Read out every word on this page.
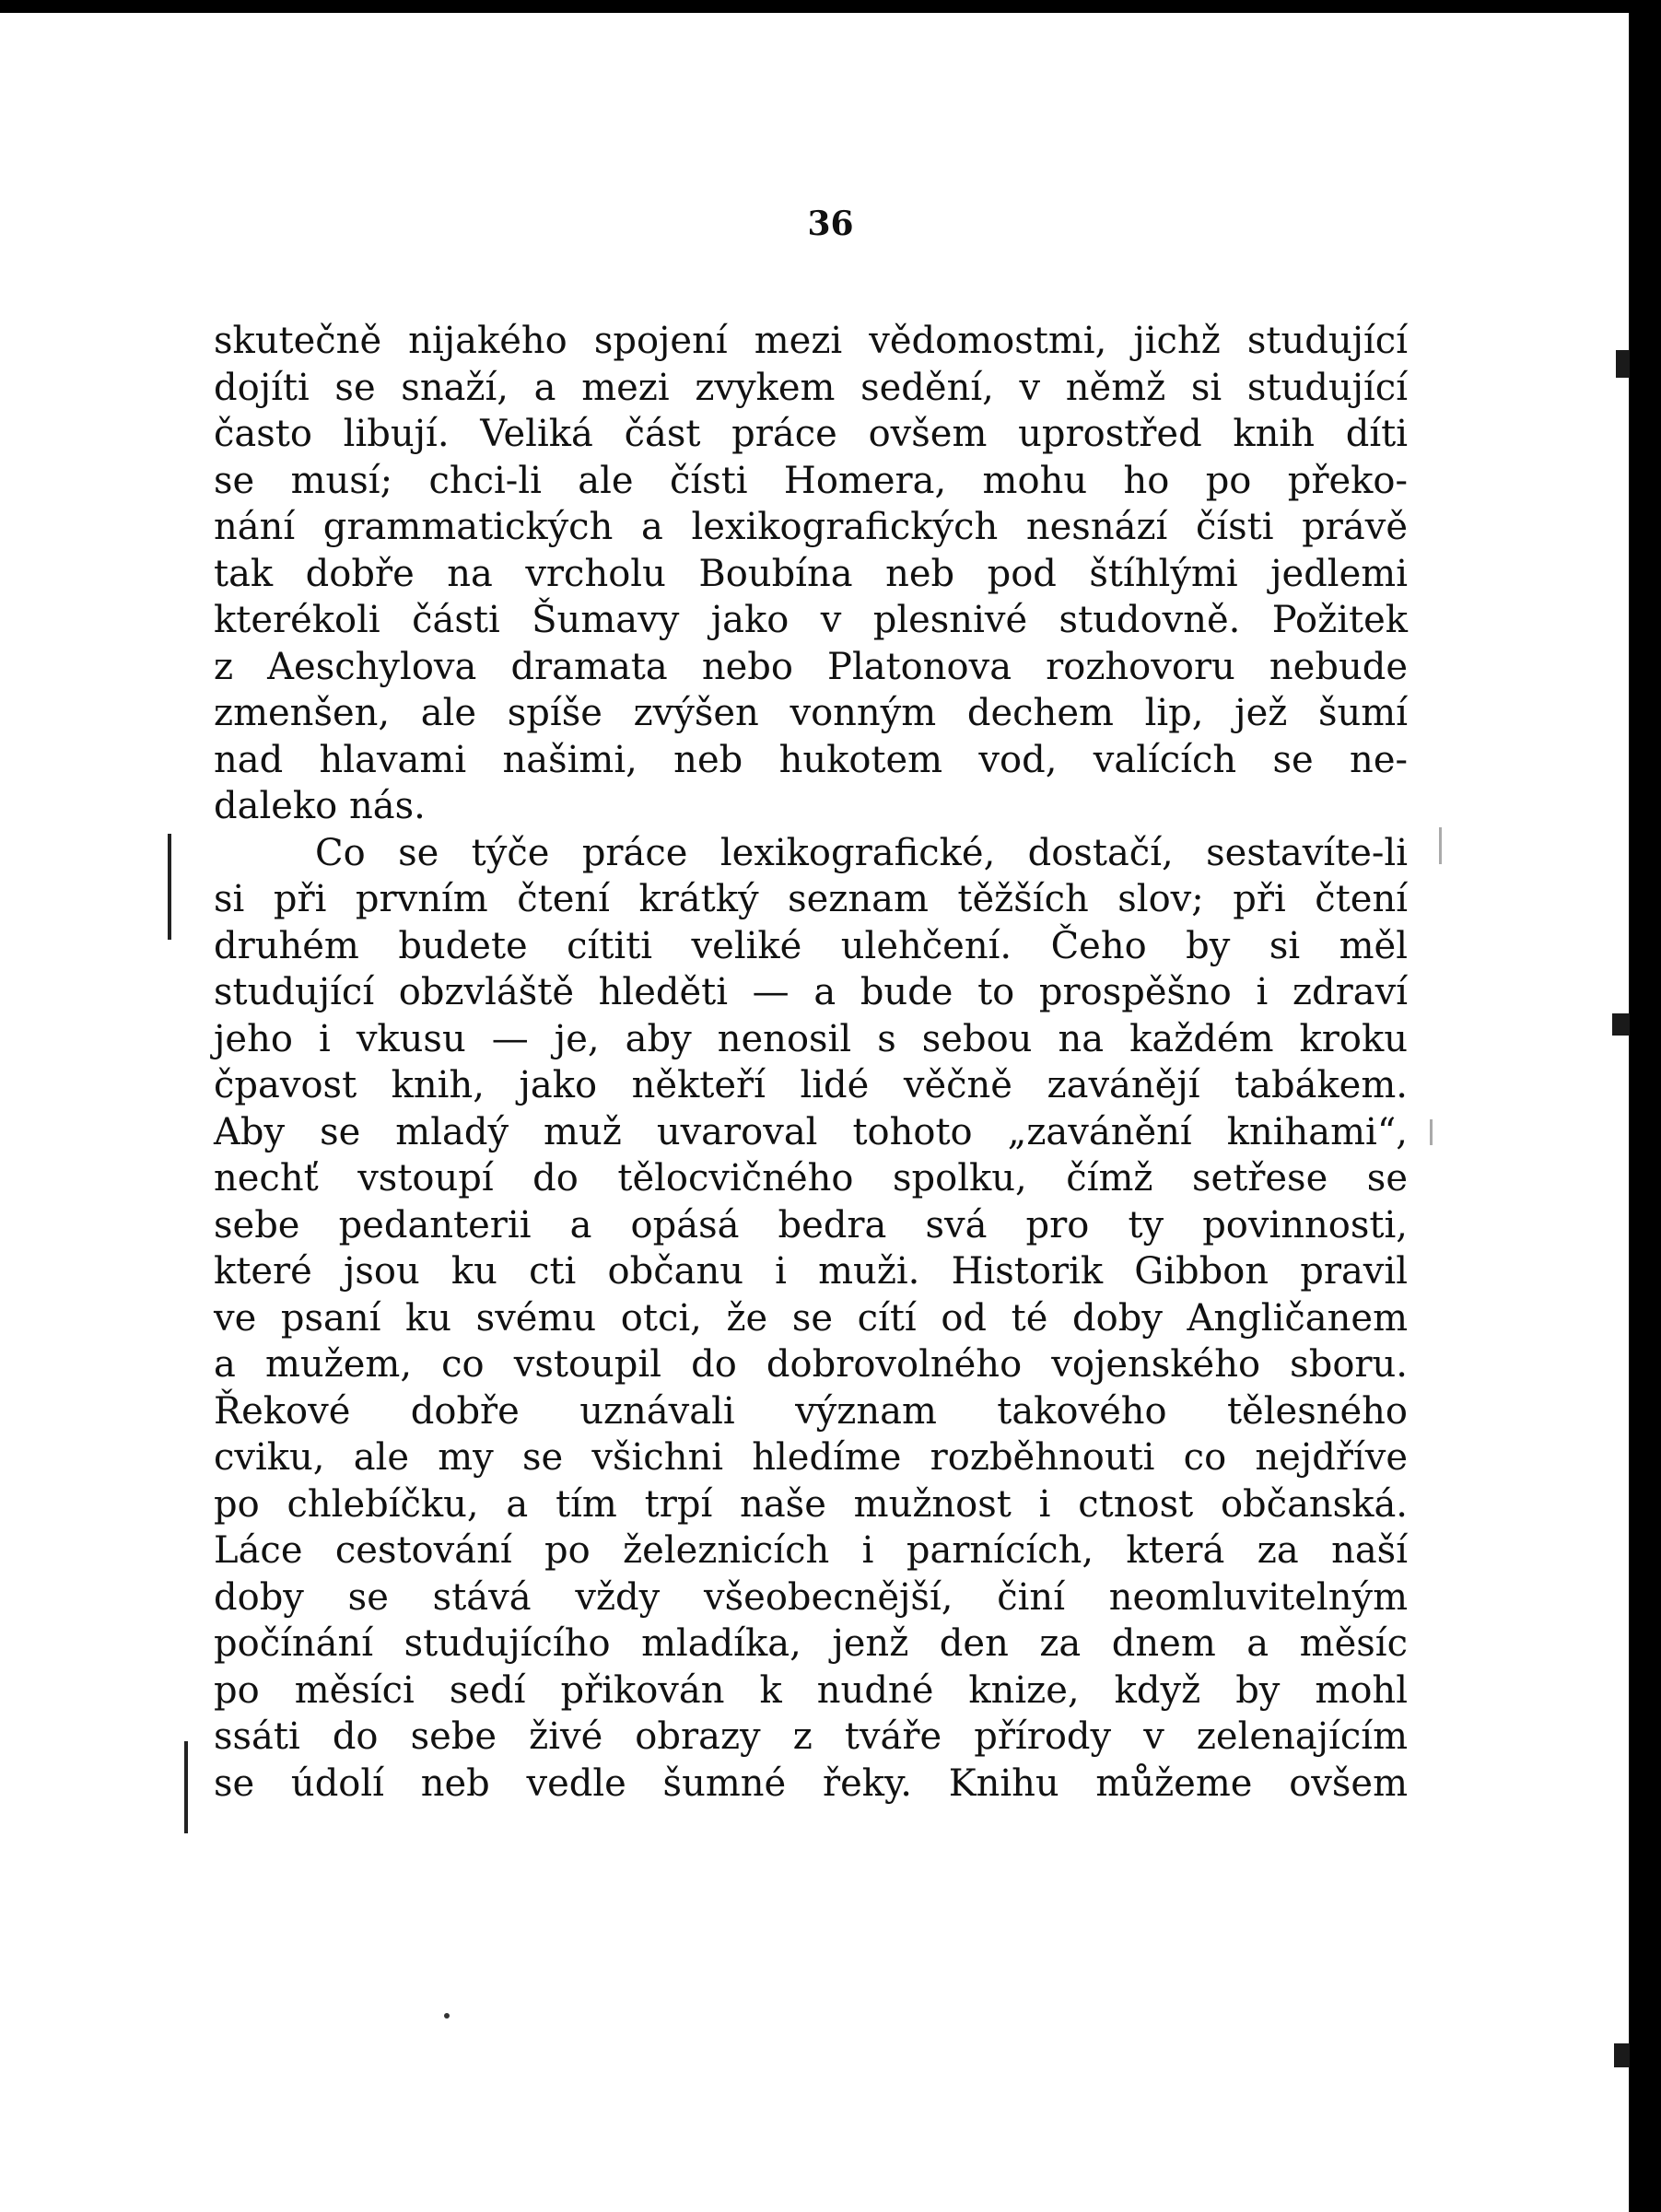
36
skutečně nijakého spojení mezi vědomostmi, jichž studující
dojíti se snaží, a mezi zvykem sedění, v němž si studující
často libují. Veliká část práce ovšem uprostřed knih díti
se musí; chci-li ale čísti Homera, mohu ho po překo-
nání grammatických a lexikografických nesnází čísti právě
tak dobře na vrcholu Boubína neb pod štíhlými jedlemi
kterékoli části Šumavy jako v plesnivé studovně. Požitek
z Aeschylova dramata nebo Platonova rozhovoru nebude
zmenšen, ale spíše zvýšen vonným dechem lip, jež šumí
nad hlavami našimi, neb hukotem vod, valících se ne-
daleko nás.
Co se týče práce lexikografické, dostačí, sestavíte-li
si při prvním čtení krátký seznam těžších slov; při čtení
druhém budete cítiti veliké ulehčení. Čeho by si měl
studující obzvláště hleděti — a bude to prospěšno i zdraví
jeho i vkusu — je, aby nenosil s sebou na každém kroku
čpavost knih, jako někteří lidé věčně zavánějí tabákem.
Aby se mladý muž uvaroval tohoto „zavánění knihami“,
nechť vstoupí do tělocvičného spolku, čímž setřese se
sebe pedanterii a opásá bedra svá pro ty povinnosti,
které jsou ku cti občanu i muži. Historik Gibbon pravil
ve psaní ku svému otci, že se cítí od té doby Angličanem
a mužem, co vstoupil do dobrovolného vojenského sboru.
Řekové dobře uznávali význam takového tělesného
cviku, ale my se všichni hledíme rozběhnouti co nejdříve
po chlebíčku, a tím trpí naše mužnost i ctnost občanská.
Láce cestování po železnicích i parnících, která za naší
doby se stává vždy všeobecnější, činí neomluvitelným
počínání studujícího mladíka, jenž den za dnem a měsíc
po měsíci sedí přikován k nudné knize, když by mohl
ssáti do sebe živé obrazy z tváře přírody v zelenajícím
se údolí neb vedle šumné řeky. Knihu můžeme ovšem
